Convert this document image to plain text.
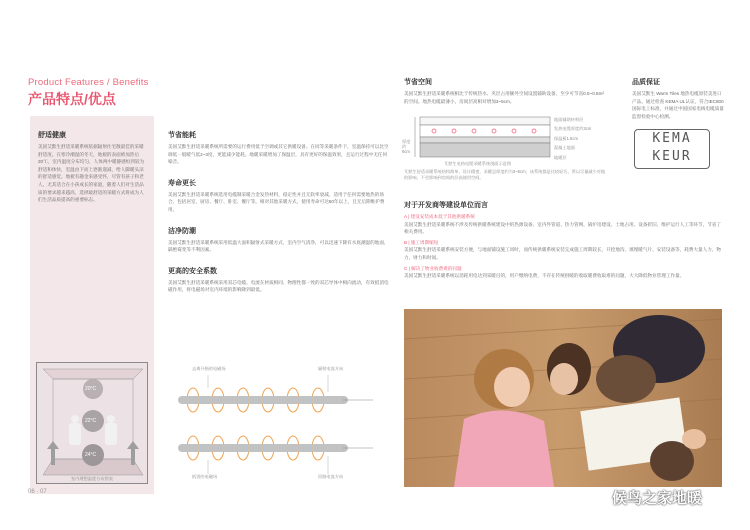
Product Features / Benefits
产品特点/优点
舒适健康
美国艾默生舒适采暖系统依据辐射住宅散最佳的采暖舒适度。在寒冷潮湿的冬天，地板的表面被加热后20℃，室内温度分布均匀，人体两中暖静感恒到较为舒适和体快，室温由下而上逐渐递减，给人脚暖头凉的舒适感觉。地板有趣金来感受怀，尽管有孩子和老人，尤其适合在小孩成长的家庭，随着人们对生活品质的要求越来越高，选择最舒适的采暖方式将成为人们生活品质提高的重要标志。
20°C
22°C
24°C
室内理想温度分布图表
节省能耗
美国艾默生舒适采暖系统所需要的运行费用低于空调或其它供暖设备。在同等采暖条件下，室温保持可以比空调低一般暖气低2~3度，更能减少能耗。地暖采暖增加了保温层，具有更好的保温效果，且运行过程中无任何噪音。
寿命更长
美国艾默生舒适采暖系统选用电缆制采暖合金发热材料，稳定性并且无软率衰减，适用于任何需要地热的场合，包括居室、厨房、餐厅、卧室、餐厅等。相对其他采暖方式，使用寿命可达50年以上，且无后期维护费用。
洁净防潮
美国艾默生舒适采暖系统采用低温大面积辐射式采暖方式，室内空气清净，可以迅速下降有水底潮湿的地面，隔绝霉变等不利因素。
更高的安全系数
美国艾默生舒适采暖系统采用双芯电缆、电流在材质相同、物理性都一致的双芯导体中相向流动，有效抵消电磁作用，将电磁场对室内环境的影响降到最低。
去离开指的电磁场	辐射电流方向
回路电流方向
抵消的电磁场
节省空间
美国艾默生舒适采暖系统相比于传统热水、夹层占用额外空间设置辅助设备，至少可节省0.5~0.8m²的空间。地热电缆最薄小，房间层高相对增加3~5cm。
地面辅助材料层
发热电缆厚度约3cm
保温板1.5cm
混凝土地面
地暖层
厚度约6cm
艾默生电热电缆采暖系统剖面示意图
艾默生舒适采暖系统结构简单，设计精密，采暖总厚度约为3~5cm，该系统都是比较轻巧，所以尽量减少对地的影响，不会影响到房间的层高使用空间。
对于开发商等建设单位而言
A | 建设安装成本低于其他供暖系统
美国艾默生舒适采暖系统不涉及传统供暖系统建设中的热源设备、室内外管道、热力管网、锅炉房建设、土地占用、设备折旧、维护运行人工等环节，节省了相关费用。
B | 施工周期缩短
美国艾默生舒适采暖系统安装方便，与地面铺设施工同时，而传统供暖系统安装完成施工周期较长，开挖地沟、填埋暖气片、安装设备等，耗费大量人力、物力、财力和时间。
C | 解决了物业收费难的问题
美国艾默生舒适采暖系统以消耗用电达到采暖目的，用户缴纳电费，不存在传统供暖的收取暖费收取难的问题，大大降低物业管理工作量。
品质保证
美国艾默生 Warm Tiles 地热电缆原装美进口产品。通过检查 KEMA UL认证，符合IEC800国际电工标准，并通过中国国家电线电缆质量监督检验中心检测。
KEMA
KEUR
06 · 07	候鸟之家地暖
